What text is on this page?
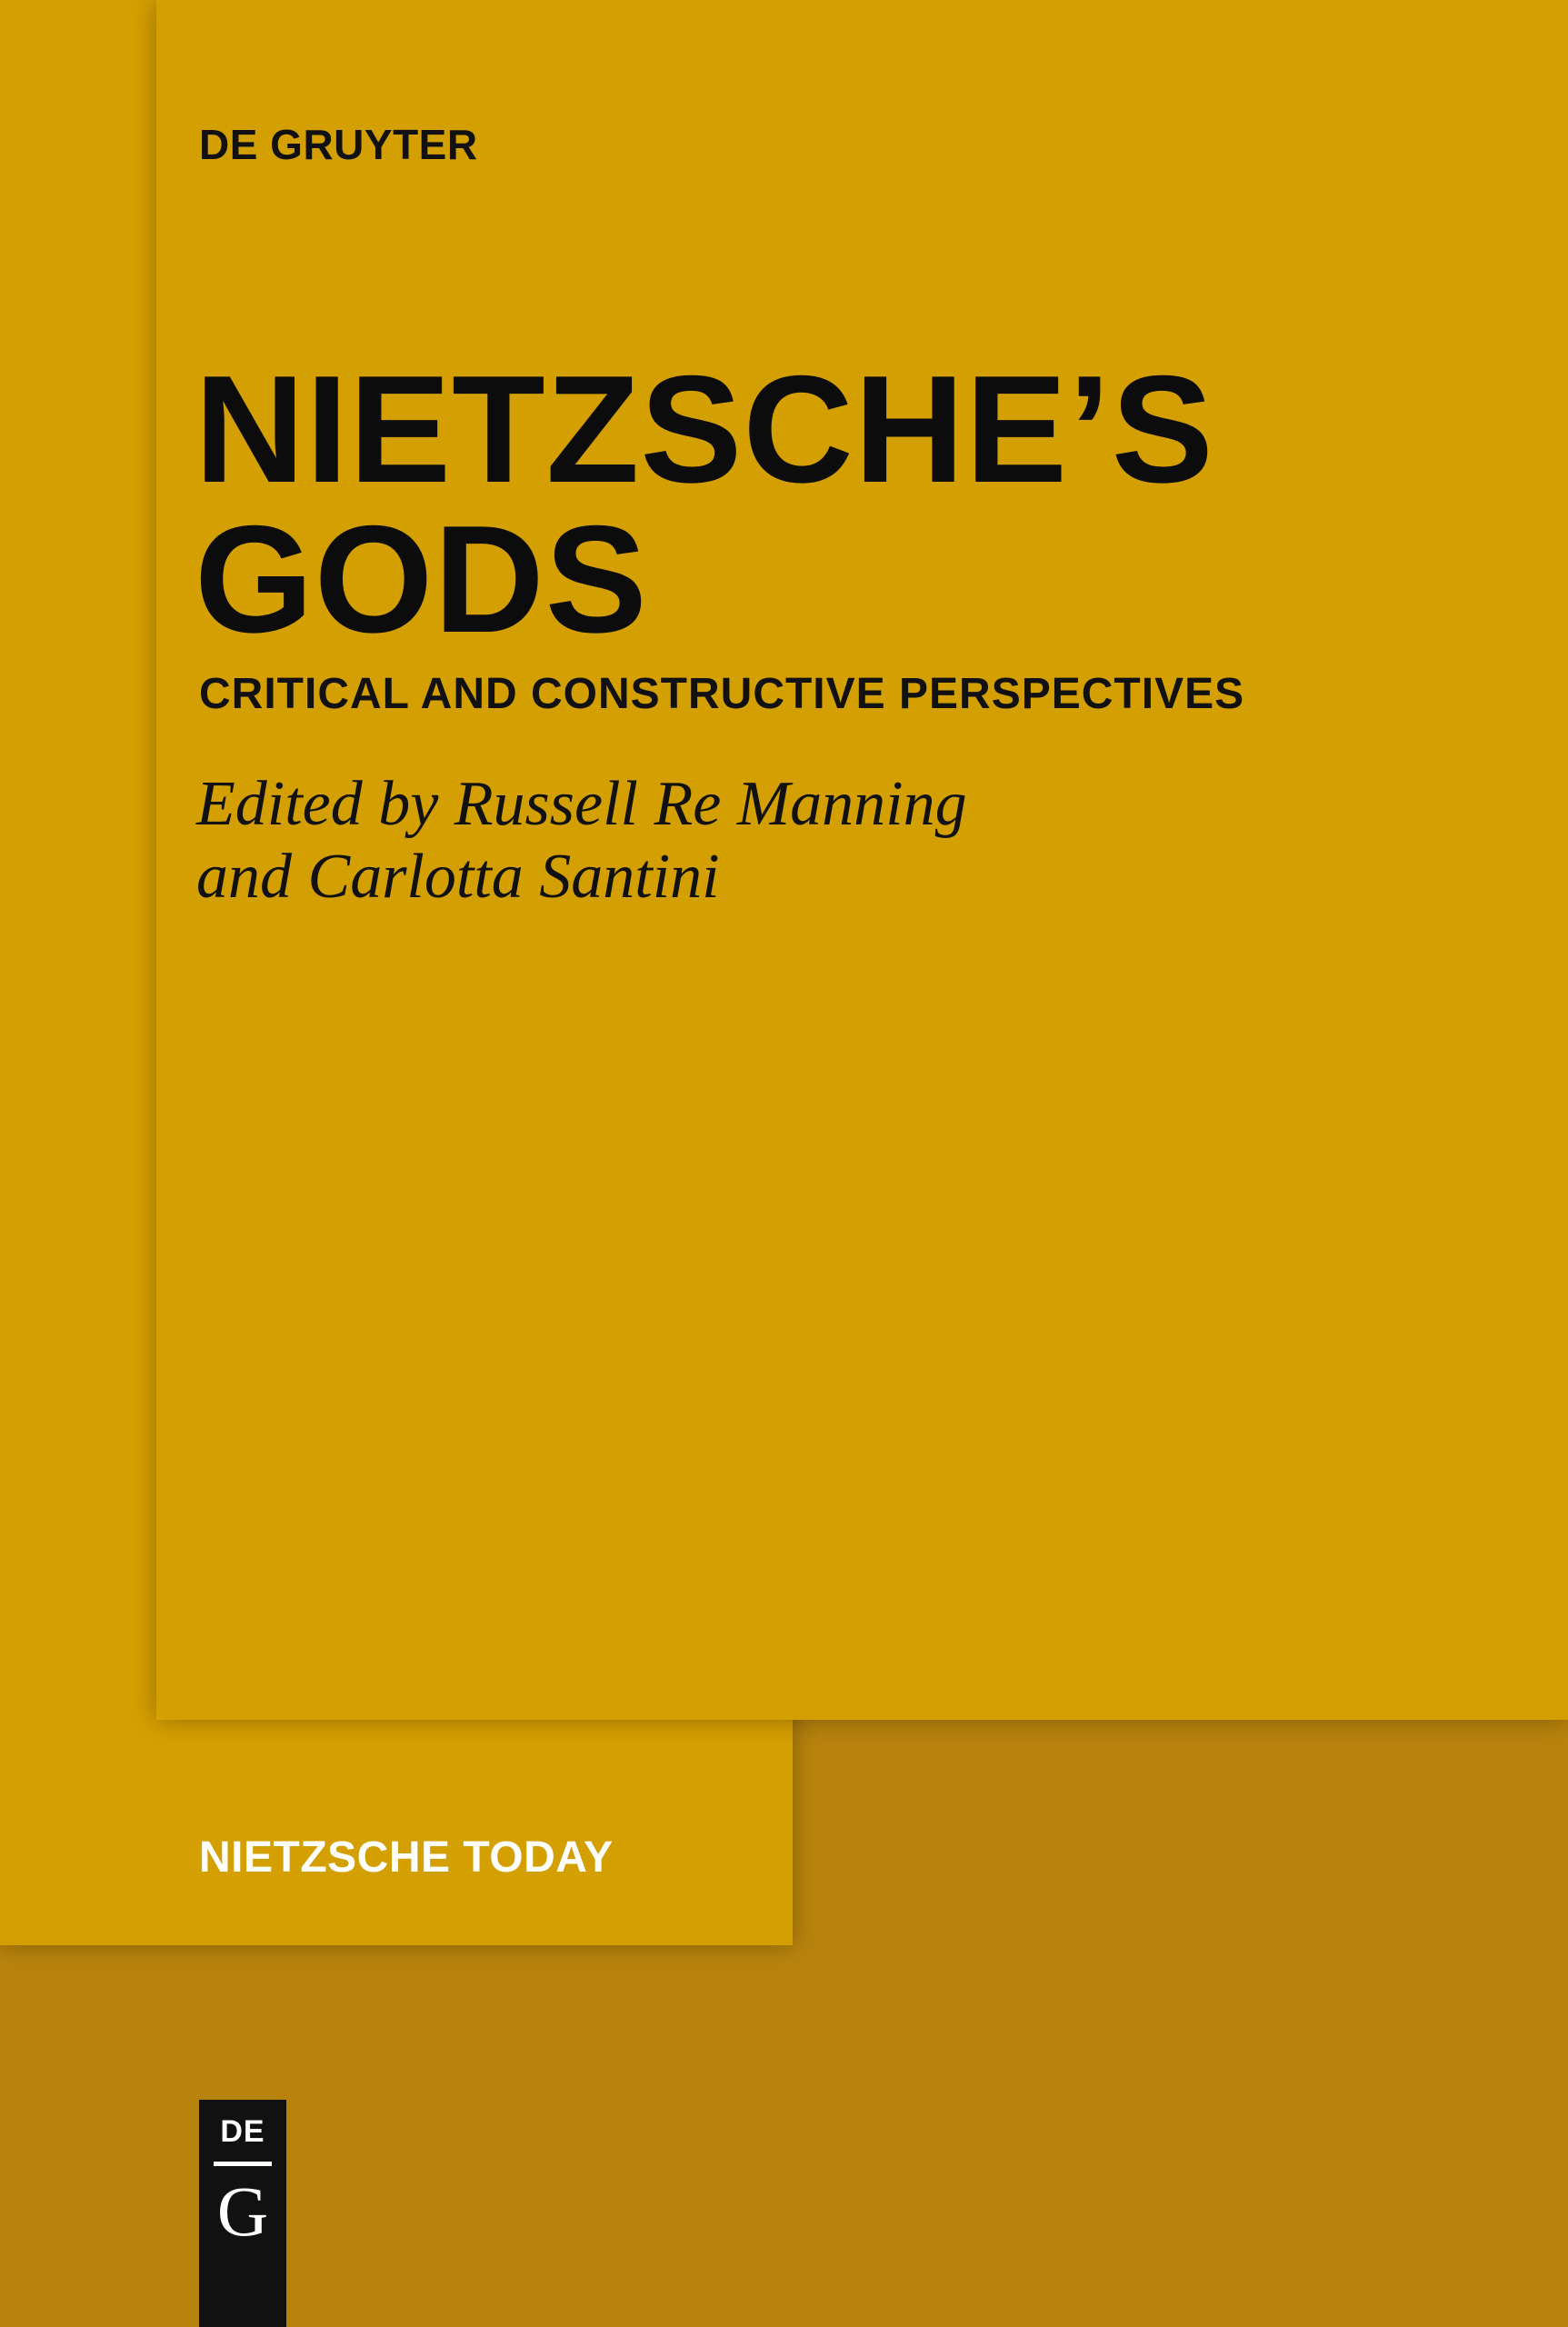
DE GRUYTER
NIETZSCHE’S
GODS
CRITICAL AND CONSTRUCTIVE PERSPECTIVES
Edited by Russell Re Manning
and Carlotta Santini
NIETZSCHE TODAY
DE
G
